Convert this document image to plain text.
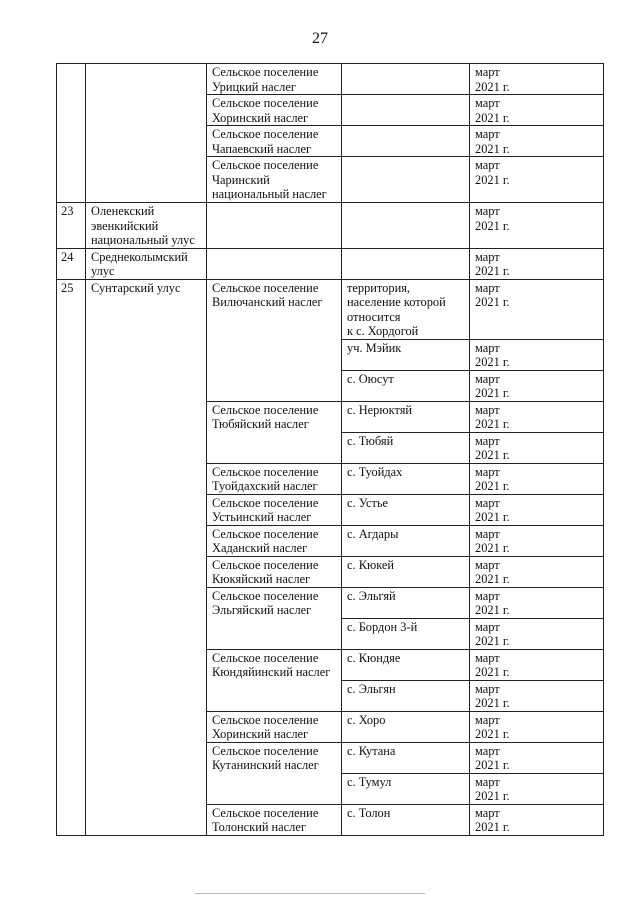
27
		Сельское поселение
Урицкий наслег		март
2021 г.
		Сельское поселение
Хоринский наслег		март
2021 г.
		Сельское поселение
Чапаевский наслег		март
2021 г.
		Сельское поселение
Чаринский
национальный наслег		март
2021 г.
23	Оленекский
эвенкийский
национальный улус			март
2021 г.
24	Среднеколымский
улус			март
2021 г.
25	Сунтарский улус	Сельское поселение
Вилючанский наслег	территория,
население которой
относится
к с. Хордогой	март
2021 г.
			уч. Мэйик	март
2021 г.
			с. Оюсут	март
2021 г.
		Сельское поселение
Тюбяйский наслег	с. Нерюктяй	март
2021 г.
			с. Тюбяй	март
2021 г.
		Сельское поселение
Туойдахский наслег	с. Туойдах	март
2021 г.
		Сельское поселение
Устьинский наслег	с. Устье	март
2021 г.
		Сельское поселение
Хаданский наслег	с. Агдары	март
2021 г.
		Сельское поселение
Кюкяйский наслег	с. Кюкей	март
2021 г.
		Сельское поселение
Эльгяйский наслег	с. Эльгяй	март
2021 г.
			с. Бордон 3-й	март
2021 г.
		Сельское поселение
Кюндяйинский наслег	с. Кюндяе	март
2021 г.
			с. Эльгян	март
2021 г.
		Сельское поселение
Хоринский наслег	с. Хоро	март
2021 г.
		Сельское поселение
Кутанинский наслег	с. Кутана	март
2021 г.
			с. Тумул	март
2021 г.
		Сельское поселение
Толонский наслег	с. Толон	март
2021 г.
